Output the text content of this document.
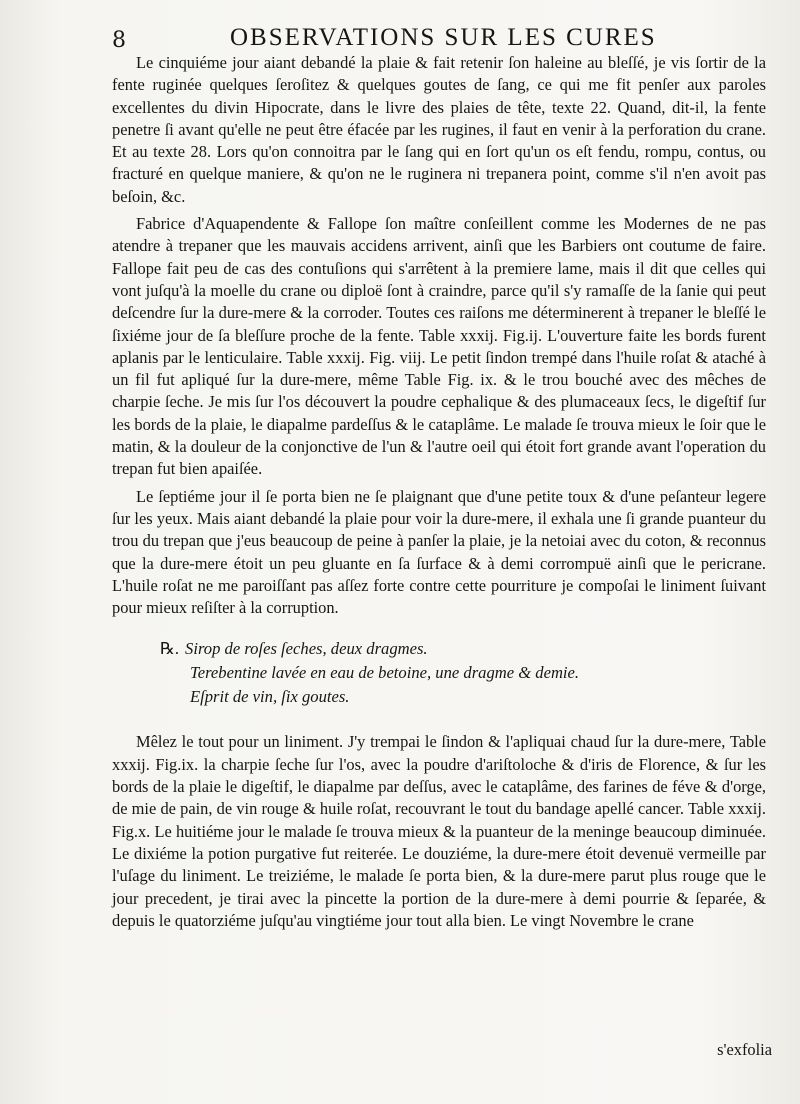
8	OBSERVATIONS SUR LES CURES

Le cinquiéme jour aiant debandé la plaie & fait retenir ſon haleine au bleſſé, je vis ſortir de la fente ruginée quelques ſeroſitez & quelques goutes de ſang, ce qui me fit penſer aux paroles excellentes du divin Hipocrate, dans le livre des plaies de tête, texte 22. Quand, dit-il, la fente penetre ſi avant qu'elle ne peut être éfacée par les rugines, il faut en venir à la perforation du crane. Et au texte 28. Lors qu'on connoitra par le ſang qui en ſort qu'un os eſt fendu, rompu, contus, ou fracturé en quelque maniere, & qu'on ne le ruginera ni trepanera point, comme s'il n'en avoit pas beſoin, &c.

Fabrice d'Aquapendente & Fallope ſon maître conſeillent comme les Modernes de ne pas atendre à trepaner que les mauvais accidens arrivent, ainſi que les Barbiers ont coutume de faire. Fallope fait peu de cas des contuſions qui s'arrêtent à la premiere lame, mais il dit que celles qui vont juſqu'à la moelle du crane ou diploë ſont à craindre, parce qu'il s'y ramaſſe de la ſanie qui peut deſcendre ſur la dure-mere & la corroder. Toutes ces raiſons me déterminerent à trepaner le bleſſé le ſixiéme jour de ſa bleſſure proche de la fente. Table xxxij. Fig.ij. L'ouverture faite les bords furent aplanis par le lenticulaire. Table xxxij. Fig. viij. Le petit ſindon trempé dans l'huile roſat & ataché à un fil fut apliqué ſur la dure-mere, même Table Fig. ix. & le trou bouché avec des mêches de charpie ſeche. Je mis ſur l'os découvert la poudre cephalique & des plumaceaux ſecs, le digeſtif ſur les bords de la plaie, le diapalme pardeſſus & le cataplâme. Le malade ſe trouva mieux le ſoir que le matin, & la douleur de la conjonctive de l'un & l'autre oeil qui étoit fort grande avant l'operation du trepan fut bien apaiſée.

Le ſeptiéme jour il ſe porta bien ne ſe plaignant que d'une petite toux & d'une peſanteur legere ſur les yeux. Mais aiant debandé la plaie pour voir la dure-mere, il exhala une ſi grande puanteur du trou du trepan que j'eus beaucoup de peine à panſer la plaie, je la netoiai avec du coton, & reconnus que la dure-mere étoit un peu gluante en ſa ſurface & à demi corrompuë ainſi que le pericrane. L'huile roſat ne me paroiſſant pas aſſez forte contre cette pourriture je compoſai le liniment ſuivant pour mieux reſiſter à la corruption.

℞. Sirop de roſes ſeches, deux dragmes.
Terebentine lavée en eau de betoine, une dragme & demie.
Eſprit de vin, ſix goutes.

Mêlez le tout pour un liniment. J'y trempai le ſindon & l'apliquai chaud ſur la dure-mere, Table xxxij. Fig.ix. la charpie ſeche ſur l'os, avec la poudre d'ariſtoloche & d'iris de Florence, & ſur les bords de la plaie le digeſtif, le diapalme par deſſus, avec le cataplâme, des farines de féve & d'orge, de mie de pain, de vin rouge & huile roſat, recouvrant le tout du bandage apellé cancer. Table xxxij. Fig.x. Le huitiéme jour le malade ſe trouva mieux & la puanteur de la meninge beaucoup diminuée. Le dixiéme la potion purgative fut reiterée. Le douziéme, la dure-mere étoit devenuë vermeille par l'uſage du liniment. Le treiziéme, le malade ſe porta bien, & la dure-mere parut plus rouge que le jour precedent, je tirai avec la pincette la portion de la dure-mere à demi pourrie & ſeparée, & depuis le quatorziéme juſqu'au vingtiéme jour tout alla bien. Le vingt Novembre le crane

s'exfolia
